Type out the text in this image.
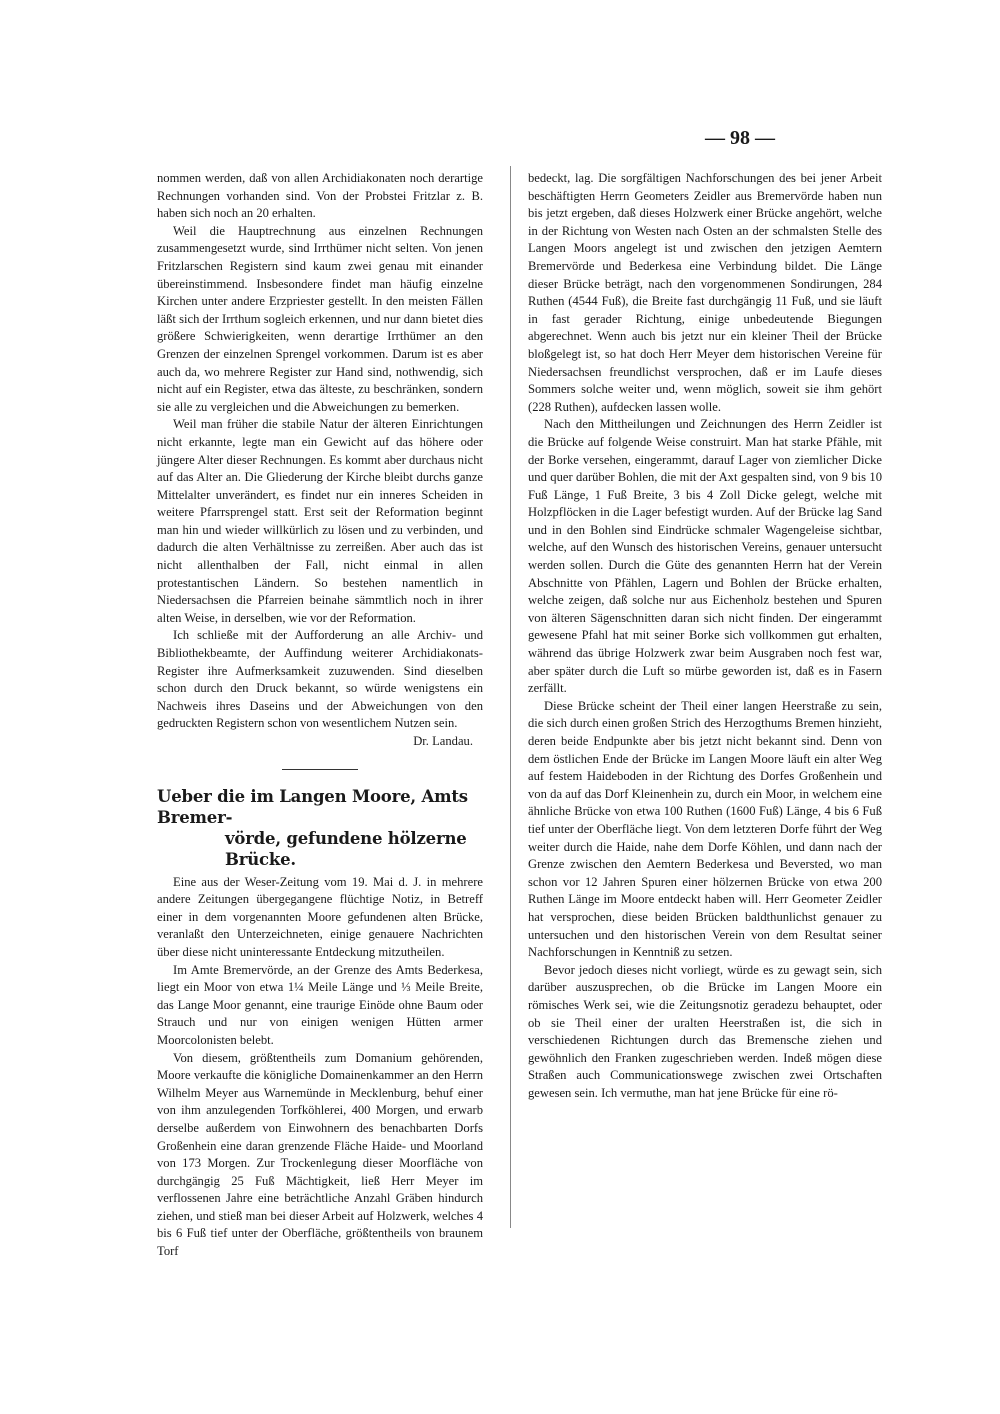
— 98 —

nommen werden, daß von allen Archidiakonaten noch derartige Rechnungen vorhanden sind. Von der Probstei Fritzlar z. B. haben sich noch an 20 erhalten.

Weil die Hauptrechnung aus einzelnen Rechnungen zusammengesetzt wurde, sind Irrthümer nicht selten. Von jenen Fritzlarschen Registern sind kaum zwei genau mit einander übereinstimmend. Insbesondere findet man häufig einzelne Kirchen unter andere Erzpriester gestellt. In den meisten Fällen läßt sich der Irrthum sogleich erkennen, und nur dann bietet dies größere Schwierigkeiten, wenn derartige Irrthümer an den Grenzen der einzelnen Sprengel vorkommen. Darum ist es aber auch da, wo mehrere Register zur Hand sind, nothwendig, sich nicht auf ein Register, etwa das älteste, zu beschränken, sondern sie alle zu vergleichen und die Abweichungen zu bemerken.

Weil man früher die stabile Natur der älteren Einrichtungen nicht erkannte, legte man ein Gewicht auf das höhere oder jüngere Alter dieser Rechnungen. Es kommt aber durchaus nicht auf das Alter an. Die Gliederung der Kirche bleibt durchs ganze Mittelalter unverändert, es findet nur ein inneres Scheiden in weitere Pfarrsprengel statt. Erst seit der Reformation beginnt man hin und wieder willkürlich zu lösen und zu verbinden, und dadurch die alten Verhältnisse zu zerreißen. Aber auch das ist nicht allenthalben der Fall, nicht einmal in allen protestantischen Ländern. So bestehen namentlich in Niedersachsen die Pfarreien beinahe sämmtlich noch in ihrer alten Weise, in derselben, wie vor der Reformation.

Ich schließe mit der Aufforderung an alle Archiv- und Bibliothekbeamte, der Auffindung weiterer Archidiakonats-Register ihre Aufmerksamkeit zuzuwenden. Sind dieselben schon durch den Druck bekannt, so würde wenigstens ein Nachweis ihres Daseins und der Abweichungen von den gedruckten Registern schon von wesentlichem Nutzen sein.

Dr. Landau.

Ueber die im Langen Moore, Amts Bremer-
vörde, gefundene hölzerne Brücke.

Eine aus der Weser-Zeitung vom 19. Mai d. J. in mehrere andere Zeitungen übergegangene flüchtige Notiz, in Betreff einer in dem vorgenannten Moore gefundenen alten Brücke, veranlaßt den Unterzeichneten, einige genauere Nachrichten über diese nicht uninteressante Entdeckung mitzutheilen.

Im Amte Bremervörde, an der Grenze des Amts Bederkesa, liegt ein Moor von etwa 1¼ Meile Länge und ⅓ Meile Breite, das Lange Moor genannt, eine traurige Einöde ohne Baum oder Strauch und nur von einigen wenigen Hütten armer Moorcolonisten belebt.

Von diesem, größtentheils zum Domanium gehörenden, Moore verkaufte die königliche Domainenkammer an den Herrn Wilhelm Meyer aus Warnemünde in Mecklenburg, behuf einer von ihm anzulegenden Torfköhlerei, 400 Morgen, und erwarb derselbe außerdem von Einwohnern des benachbarten Dorfs Großenhein eine daran grenzende Fläche Haide- und Moorland von 173 Morgen. Zur Trockenlegung dieser Moorfläche von durchgängig 25 Fuß Mächtigkeit, ließ Herr Meyer im verflossenen Jahre eine beträchtliche Anzahl Gräben hindurch ziehen, und stieß man bei dieser Arbeit auf Holzwerk, welches 4 bis 6 Fuß tief unter der Oberfläche, größtentheils von braunem Torf

bedeckt, lag. Die sorgfältigen Nachforschungen des bei jener Arbeit beschäftigten Herrn Geometers Zeidler aus Bremervörde haben nun bis jetzt ergeben, daß dieses Holzwerk einer Brücke angehört, welche in der Richtung von Westen nach Osten an der schmalsten Stelle des Langen Moors angelegt ist und zwischen den jetzigen Aemtern Bremervörde und Bederkesa eine Verbindung bildet. Die Länge dieser Brücke beträgt, nach den vorgenommenen Sondirungen, 284 Ruthen (4544 Fuß), die Breite fast durchgängig 11 Fuß, und sie läuft in fast gerader Richtung, einige unbedeutende Biegungen abgerechnet. Wenn auch bis jetzt nur ein kleiner Theil der Brücke bloßgelegt ist, so hat doch Herr Meyer dem historischen Vereine für Niedersachsen freundlichst versprochen, daß er im Laufe dieses Sommers solche weiter und, wenn möglich, soweit sie ihm gehört (228 Ruthen), aufdecken lassen wolle.

Nach den Mittheilungen und Zeichnungen des Herrn Zeidler ist die Brücke auf folgende Weise construirt. Man hat starke Pfähle, mit der Borke versehen, eingerammt, darauf Lager von ziemlicher Dicke und quer darüber Bohlen, die mit der Axt gespalten sind, von 9 bis 10 Fuß Länge, 1 Fuß Breite, 3 bis 4 Zoll Dicke gelegt, welche mit Holzpflöcken in die Lager befestigt wurden. Auf der Brücke lag Sand und in den Bohlen sind Eindrücke schmaler Wagengeleise sichtbar, welche, auf den Wunsch des historischen Vereins, genauer untersucht werden sollen. Durch die Güte des genannten Herrn hat der Verein Abschnitte von Pfählen, Lagern und Bohlen der Brücke erhalten, welche zeigen, daß solche nur aus Eichenholz bestehen und Spuren von älteren Sägenschnitten daran sich nicht finden. Der eingerammt gewesene Pfahl hat mit seiner Borke sich vollkommen gut erhalten, während das übrige Holzwerk zwar beim Ausgraben noch fest war, aber später durch die Luft so mürbe geworden ist, daß es in Fasern zerfällt.

Diese Brücke scheint der Theil einer langen Heerstraße zu sein, die sich durch einen großen Strich des Herzogthums Bremen hinzieht, deren beide Endpunkte aber bis jetzt nicht bekannt sind. Denn von dem östlichen Ende der Brücke im Langen Moore läuft ein alter Weg auf festem Haideboden in der Richtung des Dorfes Großenhein und von da auf das Dorf Kleinenhein zu, durch ein Moor, in welchem eine ähnliche Brücke von etwa 100 Ruthen (1600 Fuß) Länge, 4 bis 6 Fuß tief unter der Oberfläche liegt. Von dem letzteren Dorfe führt der Weg weiter durch die Haide, nahe dem Dorfe Köhlen, und dann nach der Grenze zwischen den Aemtern Bederkesa und Beversted, wo man schon vor 12 Jahren Spuren einer hölzernen Brücke von etwa 200 Ruthen Länge im Moore entdeckt haben will. Herr Geometer Zeidler hat versprochen, diese beiden Brücken baldthunlichst genauer zu untersuchen und den historischen Verein von dem Resultat seiner Nachforschungen in Kenntniß zu setzen.

Bevor jedoch dieses nicht vorliegt, würde es zu gewagt sein, sich darüber auszusprechen, ob die Brücke im Langen Moore ein römisches Werk sei, wie die Zeitungsnotiz geradezu behauptet, oder ob sie Theil einer der uralten Heerstraßen ist, die sich in verschiedenen Richtungen durch das Bremensche ziehen und gewöhnlich den Franken zugeschrieben werden. Indeß mögen diese Straßen auch Communicationswege zwischen zwei Ortschaften gewesen sein. Ich vermuthe, man hat jene Brücke für eine rö-
